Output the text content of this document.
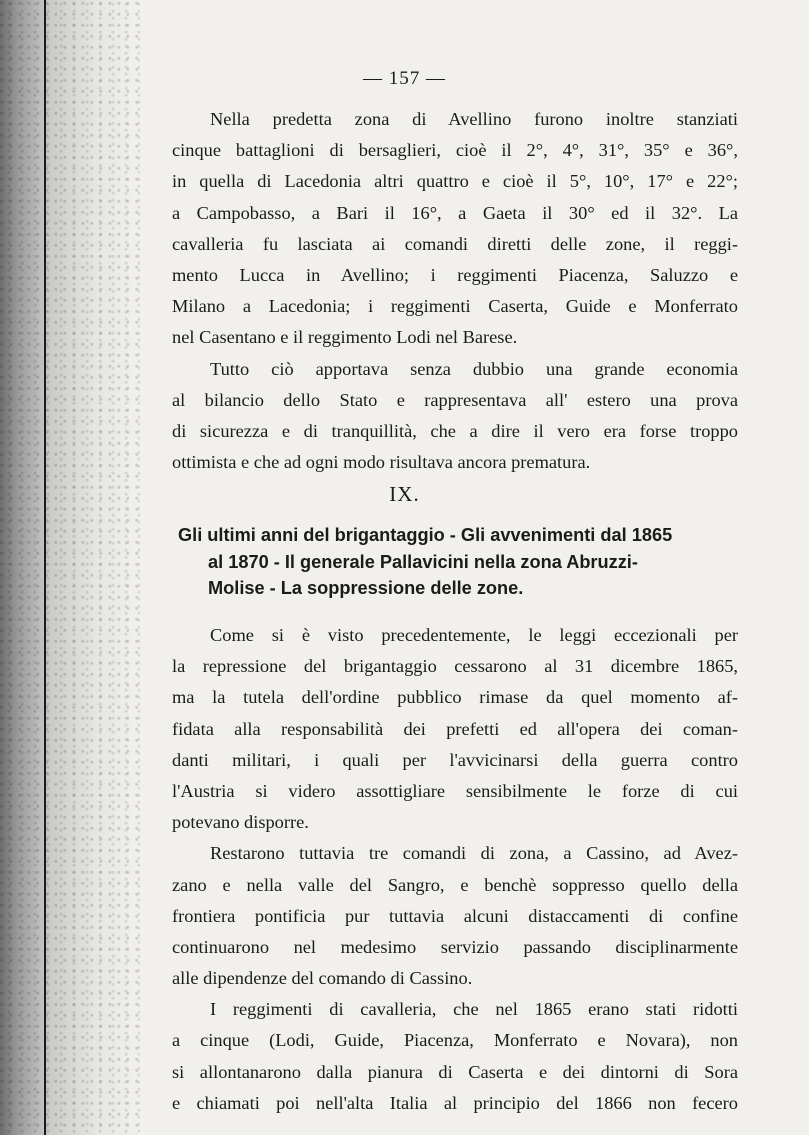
— 157 —
Nella predetta zona di Avellino furono inoltre stanziati
cinque battaglioni di bersaglieri, cioè il 2°, 4°, 31°, 35° e 36°,
in quella di Lacedonia altri quattro e cioè il 5°, 10°, 17° e 22°;
a Campobasso, a Bari il 16°, a Gaeta il 30° ed il 32°. La
cavalleria fu lasciata ai comandi diretti delle zone, il reggi-
mento Lucca in Avellino; i reggimenti Piacenza, Saluzzo e
Milano a Lacedonia; i reggimenti Caserta, Guide e Monferrato
nel Casentano e il reggimento Lodi nel Barese.
Tutto ciò apportava senza dubbio una grande economia
al bilancio dello Stato e rappresentava all' estero una prova
di sicurezza e di tranquillità, che a dire il vero era forse troppo
ottimista e che ad ogni modo risultava ancora prematura.
IX.
Gli ultimi anni del brigantaggio - Gli avvenimenti dal 1865
al 1870 - Il generale Pallavicini nella zona Abruzzi-
Molise - La soppressione delle zone.
Come si è visto precedentemente, le leggi eccezionali per
la repressione del brigantaggio cessarono al 31 dicembre 1865,
ma la tutela dell'ordine pubblico rimase da quel momento af-
fidata alla responsabilità dei prefetti ed all'opera dei coman-
danti militari, i quali per l'avvicinarsi della guerra contro
l'Austria si videro assottigliare sensibilmente le forze di cui
potevano disporre.
Restarono tuttavia tre comandi di zona, a Cassino, ad Avez-
zano e nella valle del Sangro, e benchè soppresso quello della
frontiera pontificia pur tuttavia alcuni distaccamenti di confine
continuarono nel medesimo servizio passando disciplinarmente
alle dipendenze del comando di Cassino.
I reggimenti di cavalleria, che nel 1865 erano stati ridotti
a cinque (Lodi, Guide, Piacenza, Monferrato e Novara), non
si allontanarono dalla pianura di Caserta e dei dintorni di Sora
e chiamati poi nell'alta Italia al principio del 1866 non fecero
